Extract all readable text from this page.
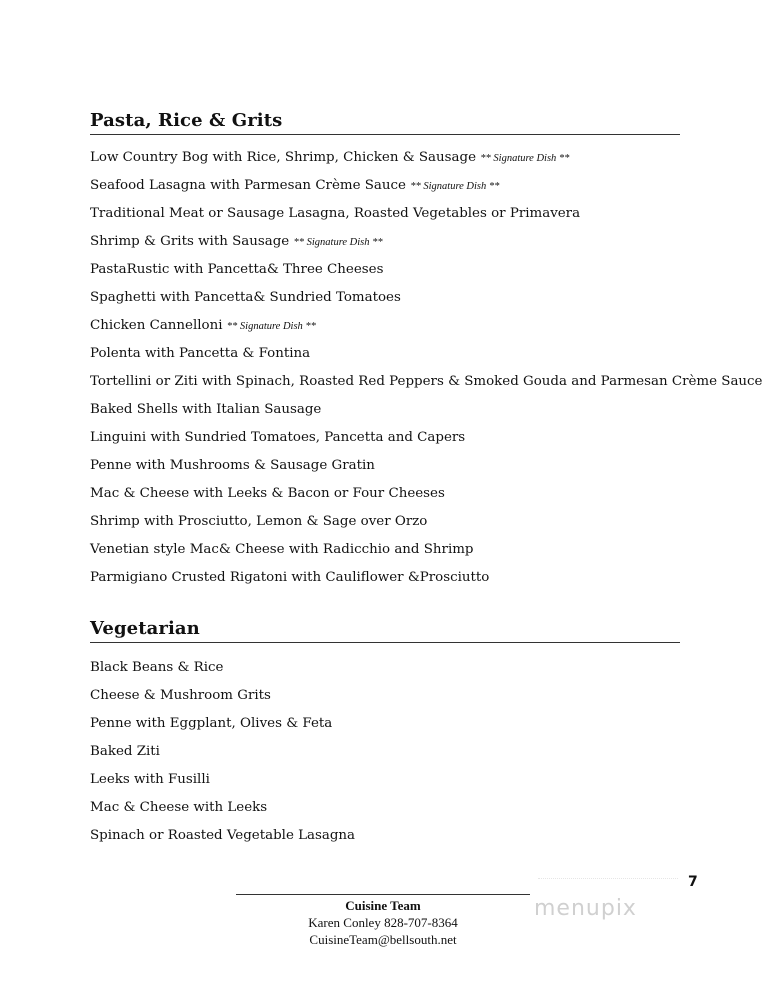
Pasta, Rice & Grits
Low Country Bog with Rice, Shrimp, Chicken & Sausage ** Signature Dish **
Seafood Lasagna with Parmesan Crème Sauce ** Signature Dish **
Traditional Meat or Sausage Lasagna, Roasted Vegetables or Primavera
Shrimp & Grits with Sausage ** Signature Dish **
PastaRustic with Pancetta& Three Cheeses
Spaghetti with Pancetta& Sundried Tomatoes
Chicken Cannelloni ** Signature Dish **
Polenta with Pancetta & Fontina
Tortellini or Ziti with Spinach, Roasted Red Peppers & Smoked Gouda and Parmesan Crème Sauce
Baked Shells with Italian Sausage
Linguini with Sundried Tomatoes, Pancetta and Capers
Penne with Mushrooms & Sausage Gratin
Mac & Cheese with Leeks & Bacon or Four Cheeses
Shrimp with Prosciutto, Lemon & Sage over Orzo
Venetian style Mac& Cheese with Radicchio and Shrimp
Parmigiano Crusted Rigatoni with Cauliflower &Prosciutto
Vegetarian
Black Beans & Rice
Cheese & Mushroom Grits
Penne with Eggplant, Olives & Feta
Baked Ziti
Leeks with Fusilli
Mac & Cheese with Leeks
Spinach or Roasted Vegetable Lasagna
7
menupix
Cuisine Team
Karen Conley 828-707-8364
CuisineTeam@bellsouth.net
